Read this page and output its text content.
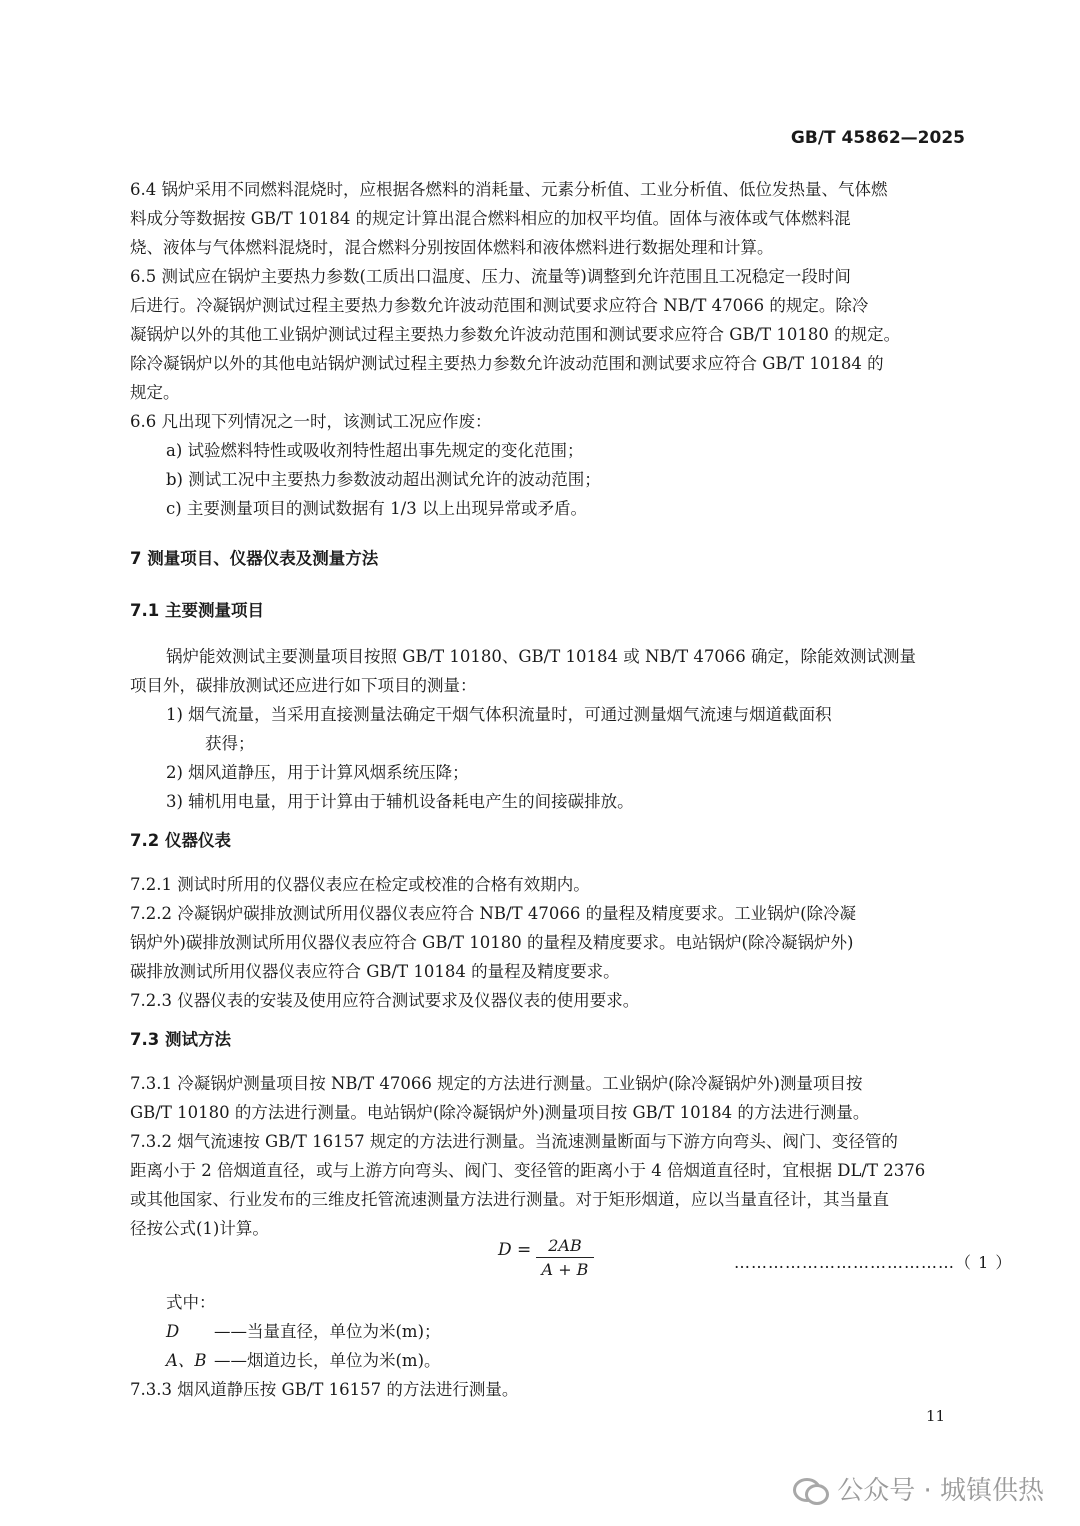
GB/T 45862—2025
6.4 锅炉采用不同燃料混烧时，应根据各燃料的消耗量、元素分析值、工业分析值、低位发热量、气体燃
料成分等数据按 GB/T 10184 的规定计算出混合燃料相应的加权平均值。固体与液体或气体燃料混
烧、液体与气体燃料混烧时，混合燃料分别按固体燃料和液体燃料进行数据处理和计算。
6.5 测试应在锅炉主要热力参数(工质出口温度、压力、流量等)调整到允许范围且工况稳定一段时间
后进行。冷凝锅炉测试过程主要热力参数允许波动范围和测试要求应符合 NB/T 47066 的规定。除冷
凝锅炉以外的其他工业锅炉测试过程主要热力参数允许波动范围和测试要求应符合 GB/T 10180 的规定。
除冷凝锅炉以外的其他电站锅炉测试过程主要热力参数允许波动范围和测试要求应符合 GB/T 10184 的
规定。
6.6 凡出现下列情况之一时，该测试工况应作废：
a) 试验燃料特性或吸收剂特性超出事先规定的变化范围；
b) 测试工况中主要热力参数波动超出测试允许的波动范围；
c) 主要测量项目的测试数据有 1/3 以上出现异常或矛盾。
7 测量项目、仪器仪表及测量方法
7.1 主要测量项目
锅炉能效测试主要测量项目按照 GB/T 10180、GB/T 10184 或 NB/T 47066 确定，除能效测试测量
项目外，碳排放测试还应进行如下项目的测量：
1) 烟气流量，当采用直接测量法确定干烟气体积流量时，可通过测量烟气流速与烟道截面积
获得；
2) 烟风道静压，用于计算风烟系统压降；
3) 辅机用电量，用于计算由于辅机设备耗电产生的间接碳排放。
7.2 仪器仪表
7.2.1 测试时所用的仪器仪表应在检定或校准的合格有效期内。
7.2.2 冷凝锅炉碳排放测试所用仪器仪表应符合 NB/T 47066 的量程及精度要求。工业锅炉(除冷凝
锅炉外)碳排放测试所用仪器仪表应符合 GB/T 10180 的量程及精度要求。电站锅炉(除冷凝锅炉外)
碳排放测试所用仪器仪表应符合 GB/T 10184 的量程及精度要求。
7.2.3 仪器仪表的安装及使用应符合测试要求及仪器仪表的使用要求。
7.3 测试方法
7.3.1 冷凝锅炉测量项目按 NB/T 47066 规定的方法进行测量。工业锅炉(除冷凝锅炉外)测量项目按
GB/T 10180 的方法进行测量。电站锅炉(除冷凝锅炉外)测量项目按 GB/T 10184 的方法进行测量。
7.3.2 烟气流速按 GB/T 16157 规定的方法进行测量。当流速测量断面与下游方向弯头、阀门、变径管的
距离小于 2 倍烟道直径，或与上游方向弯头、阀门、变径管的距离小于 4 倍烟道直径时，宜根据 DL/T 2376
或其他国家、行业发布的三维皮托管流速测量方法进行测量。对于矩形烟道，应以当量直径计，其当量直
径按公式(1)计算。
D =	2AB
A + B	…………………………………（ 1 ）
式中：
D ——当量直径，单位为米(m)；
A、B ——烟道边长，单位为米(m)。
7.3.3 烟风道静压按 GB/T 16157 的方法进行测量。
11
公众号 · 城镇供热
